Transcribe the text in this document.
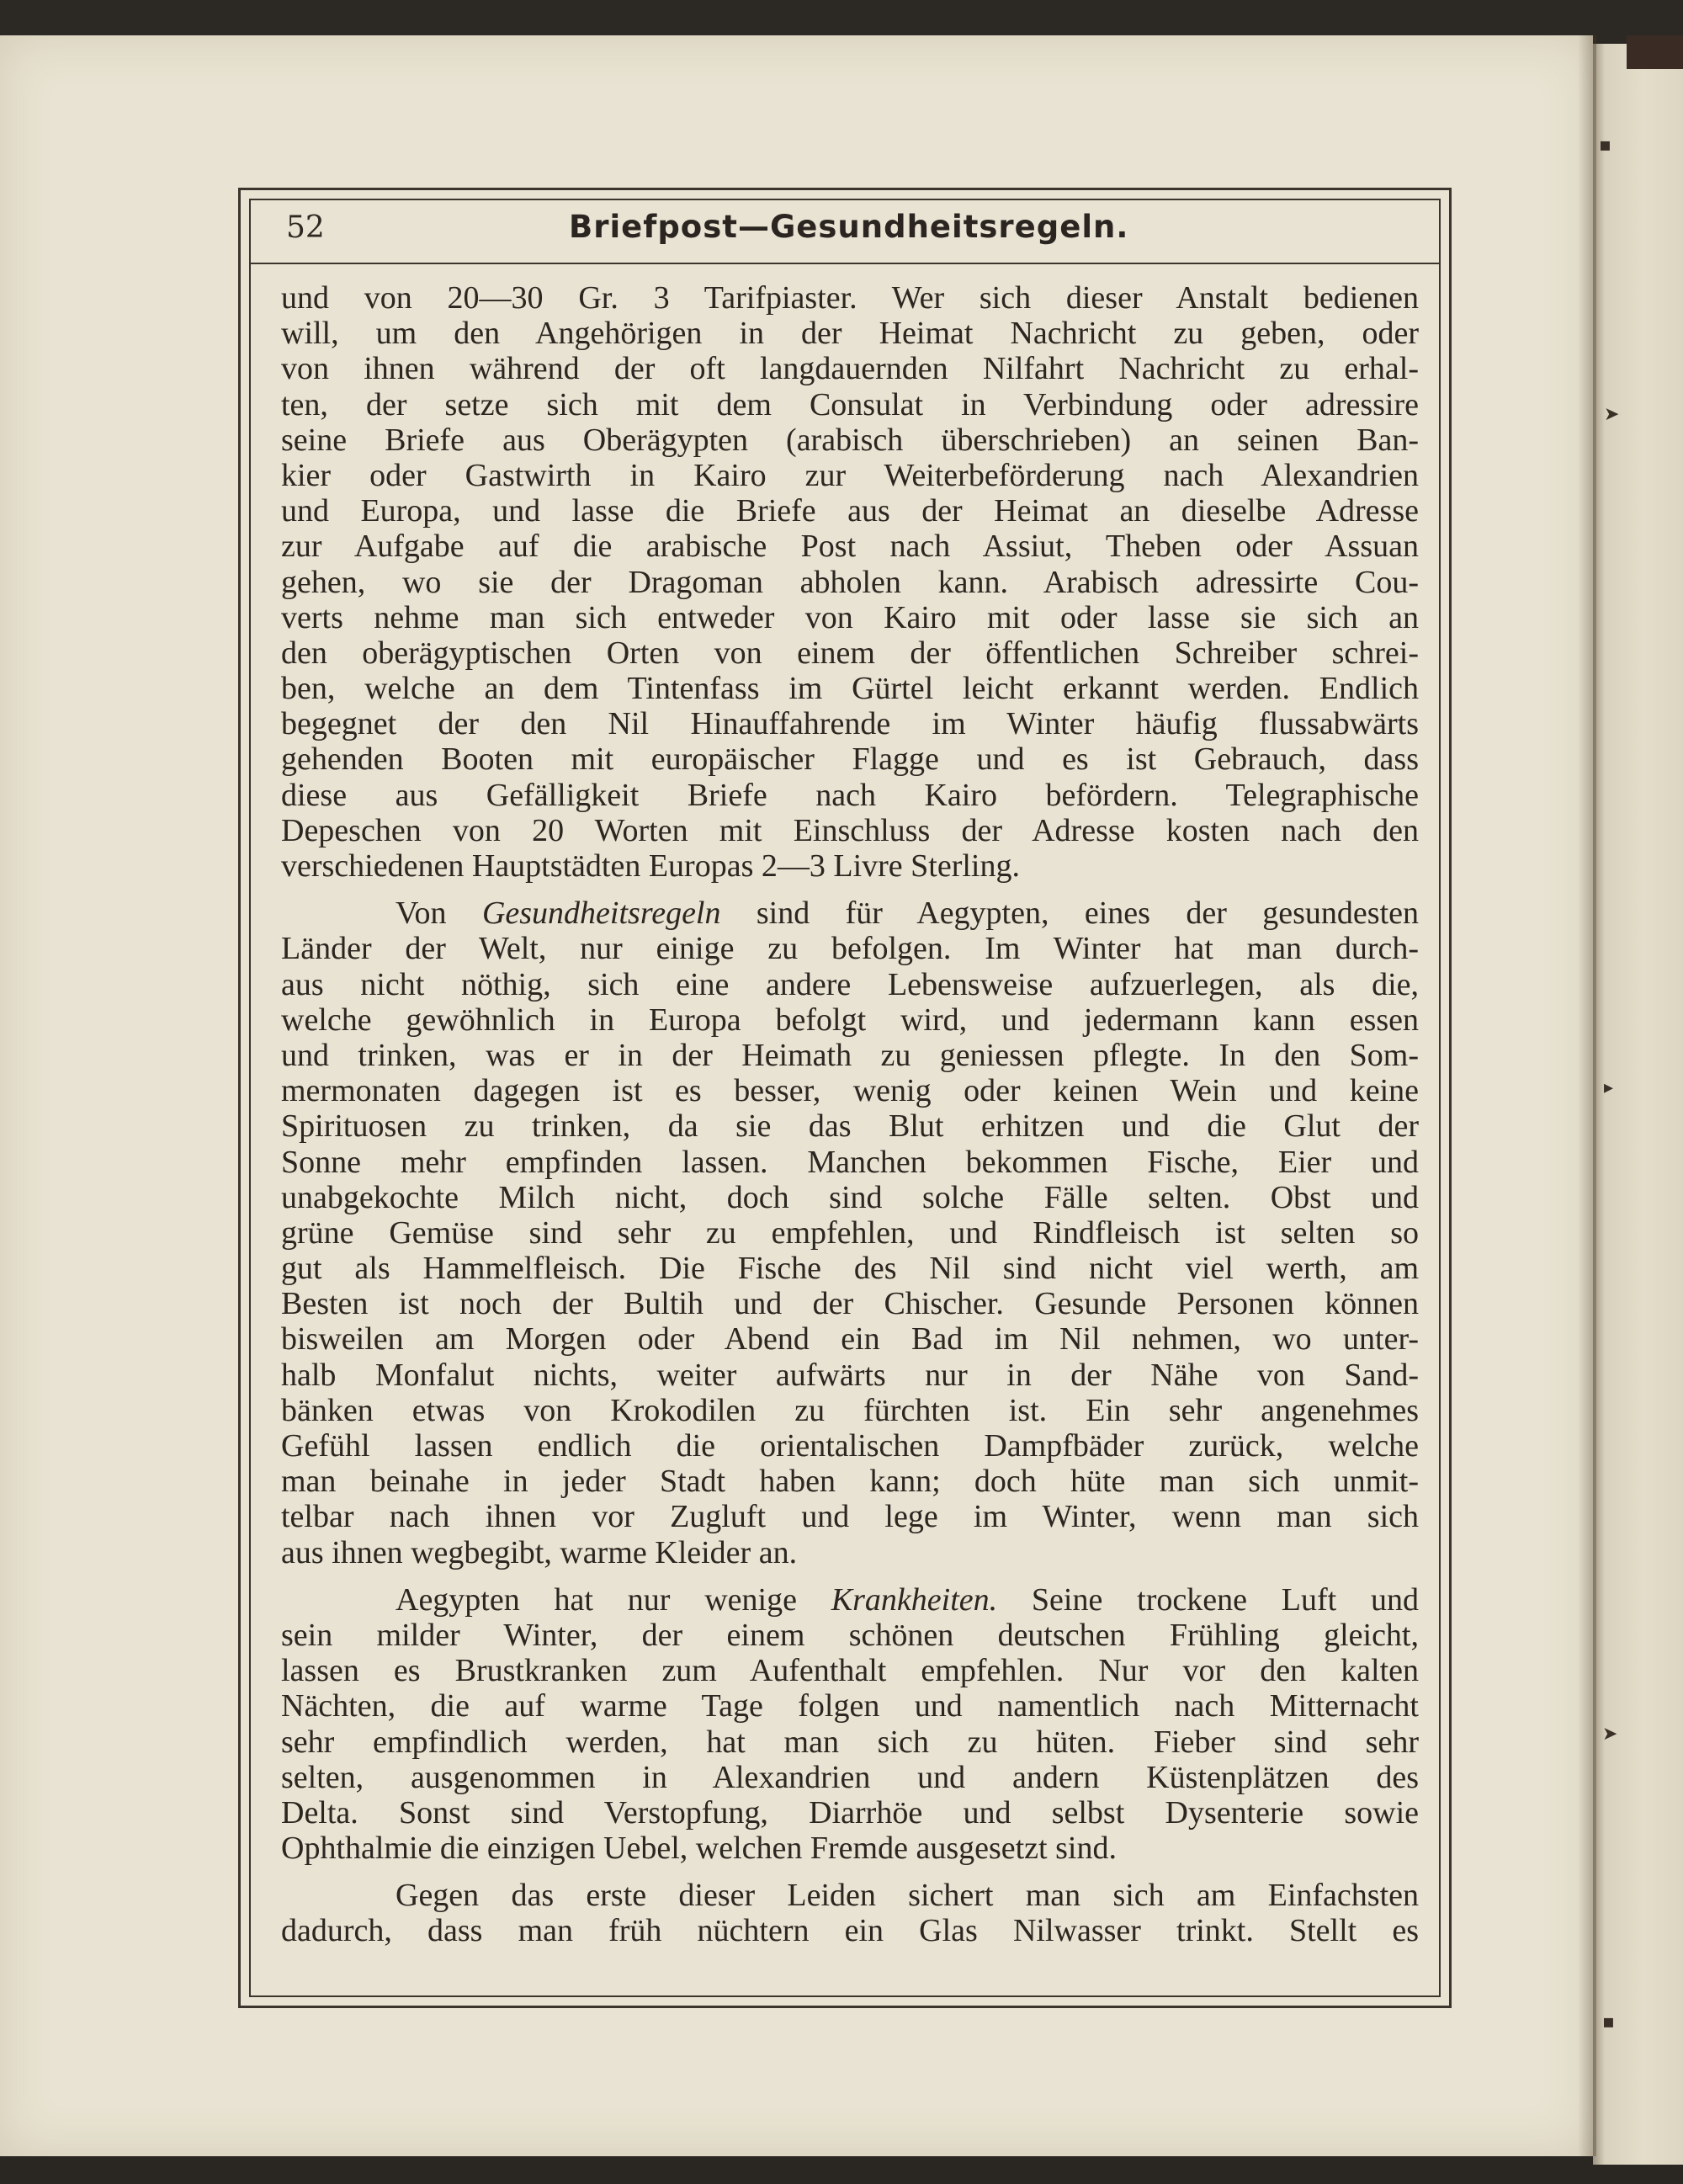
▪
➤
▸
➤
▪
52	Briefpost—Gesundheitsregeln.
und von 20—30 Gr. 3 Tarifpiaster. Wer sich dieser Anstalt bedienen
will, um den Angehörigen in der Heimat Nachricht zu geben, oder
von ihnen während der oft langdauernden Nilfahrt Nachricht zu erhal-
ten, der setze sich mit dem Consulat in Verbindung oder adressire
seine Briefe aus Oberägypten (arabisch überschrieben) an seinen Ban-
kier oder Gastwirth in Kairo zur Weiterbeförderung nach Alexandrien
und Europa, und lasse die Briefe aus der Heimat an dieselbe Adresse
zur Aufgabe auf die arabische Post nach Assiut, Theben oder Assuan
gehen, wo sie der Dragoman abholen kann. Arabisch adressirte Cou-
verts nehme man sich entweder von Kairo mit oder lasse sie sich an
den oberägyptischen Orten von einem der öffentlichen Schreiber schrei-
ben, welche an dem Tintenfass im Gürtel leicht erkannt werden. Endlich
begegnet der den Nil Hinauffahrende im Winter häufig flussabwärts
gehenden Booten mit europäischer Flagge und es ist Gebrauch, dass
diese aus Gefälligkeit Briefe nach Kairo befördern. Telegraphische
Depeschen von 20 Worten mit Einschluss der Adresse kosten nach den
verschiedenen Hauptstädten Europas 2—3 Livre Sterling.
Von Gesundheitsregeln sind für Aegypten, eines der gesundesten
Länder der Welt, nur einige zu befolgen. Im Winter hat man durch-
aus nicht nöthig, sich eine andere Lebensweise aufzuerlegen, als die,
welche gewöhnlich in Europa befolgt wird, und jedermann kann essen
und trinken, was er in der Heimath zu geniessen pflegte. In den Som-
mermonaten dagegen ist es besser, wenig oder keinen Wein und keine
Spirituosen zu trinken, da sie das Blut erhitzen und die Glut der
Sonne mehr empfinden lassen. Manchen bekommen Fische, Eier und
unabgekochte Milch nicht, doch sind solche Fälle selten. Obst und
grüne Gemüse sind sehr zu empfehlen, und Rindfleisch ist selten so
gut als Hammelfleisch. Die Fische des Nil sind nicht viel werth, am
Besten ist noch der Bultih und der Chischer. Gesunde Personen können
bisweilen am Morgen oder Abend ein Bad im Nil nehmen, wo unter-
halb Monfalut nichts, weiter aufwärts nur in der Nähe von Sand-
bänken etwas von Krokodilen zu fürchten ist. Ein sehr angenehmes
Gefühl lassen endlich die orientalischen Dampfbäder zurück, welche
man beinahe in jeder Stadt haben kann; doch hüte man sich unmit-
telbar nach ihnen vor Zugluft und lege im Winter, wenn man sich
aus ihnen wegbegibt, warme Kleider an.
Aegypten hat nur wenige Krankheiten. Seine trockene Luft und
sein milder Winter, der einem schönen deutschen Frühling gleicht,
lassen es Brustkranken zum Aufenthalt empfehlen. Nur vor den kalten
Nächten, die auf warme Tage folgen und namentlich nach Mitternacht
sehr empfindlich werden, hat man sich zu hüten. Fieber sind sehr
selten, ausgenommen in Alexandrien und andern Küstenplätzen des
Delta. Sonst sind Verstopfung, Diarrhöe und selbst Dysenterie sowie
Ophthalmie die einzigen Uebel, welchen Fremde ausgesetzt sind.
Gegen das erste dieser Leiden sichert man sich am Einfachsten
dadurch, dass man früh nüchtern ein Glas Nilwasser trinkt. Stellt es
